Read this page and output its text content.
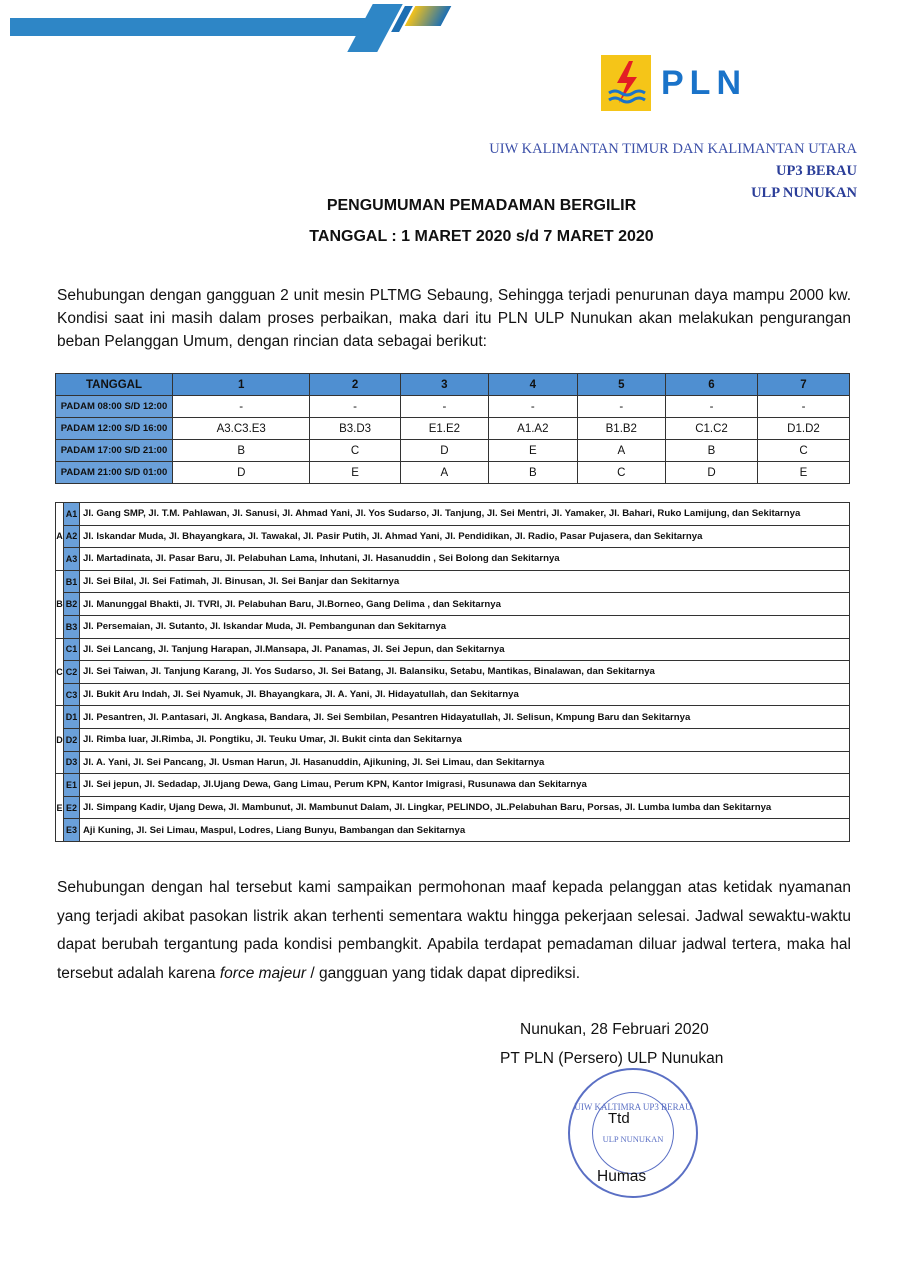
PLN
UIW KALIMANTAN TIMUR DAN KALIMANTAN UTARA
UP3 BERAU
ULP NUNUKAN
PENGUMUMAN PEMADAMAN BERGILIR
TANGGAL : 1 MARET 2020 s/d 7 MARET 2020
Sehubungan dengan gangguan 2 unit mesin PLTMG Sebaung, Sehingga terjadi penurunan daya mampu 2000 kw. Kondisi saat ini masih dalam proses perbaikan, maka dari itu PLN ULP Nunukan akan melakukan pengurangan beban Pelanggan Umum, dengan rincian data sebagai berikut:
TANGGAL	1	2	3	4	5	6	7
PADAM 08:00 S/D 12:00	-	-	-	-	-	-	-
PADAM 12:00 S/D 16:00	A3.C3.E3	B3.D3	E1.E2	A1.A2	B1.B2	C1.C2	D1.D2
PADAM 17:00 S/D 21:00	B	C	D	E	A	B	C
PADAM 21:00 S/D 01:00	D	E	A	B	C	D	E
A	A1	Jl. Gang SMP, Jl. T.M. Pahlawan, Jl. Sanusi, Jl. Ahmad Yani, Jl. Yos Sudarso, Jl. Tanjung, Jl. Sei Mentri, Jl. Yamaker, Jl. Bahari, Ruko Lamijung, dan Sekitarnya
	A2	Jl. Iskandar Muda, Jl. Bhayangkara, Jl. Tawakal, Jl. Pasir Putih, Jl. Ahmad Yani, Jl. Pendidikan, Jl. Radio, Pasar Pujasera, dan Sekitarnya
	A3	Jl. Martadinata, Jl. Pasar Baru, Jl. Pelabuhan Lama, Inhutani, Jl. Hasanuddin , Sei Bolong dan Sekitarnya
B	B1	Jl. Sei Bilal, Jl. Sei Fatimah, Jl. Binusan, Jl. Sei Banjar dan Sekitarnya
	B2	Jl. Manunggal Bhakti, Jl. TVRI, Jl. Pelabuhan Baru, Jl.Borneo, Gang Delima , dan Sekitarnya
	B3	Jl. Persemaian, Jl. Sutanto, Jl. Iskandar Muda, Jl. Pembangunan dan Sekitarnya
C	C1	Jl. Sei Lancang, Jl. Tanjung Harapan, Jl.Mansapa, Jl. Panamas, Jl. Sei Jepun, dan Sekitarnya
	C2	Jl. Sei Taiwan, Jl. Tanjung Karang, Jl. Yos Sudarso, Jl. Sei Batang, Jl. Balansiku, Setabu, Mantikas, Binalawan, dan Sekitarnya
	C3	Jl. Bukit Aru Indah, Jl. Sei Nyamuk, Jl. Bhayangkara, Jl. A. Yani, Jl. Hidayatullah, dan Sekitarnya
D	D1	Jl. Pesantren, Jl. P.antasari, Jl. Angkasa, Bandara, Jl. Sei Sembilan, Pesantren Hidayatullah, Jl. Selisun, Kmpung Baru dan Sekitarnya
	D2	Jl. Rimba luar, Jl.Rimba, Jl. Pongtiku, Jl. Teuku Umar, Jl. Bukit cinta dan Sekitarnya
	D3	Jl. A. Yani, Jl. Sei Pancang, Jl. Usman Harun, Jl. Hasanuddin, Ajikuning, Jl. Sei Limau, dan Sekitarnya
E	E1	Jl. Sei jepun, Jl. Sedadap, Jl.Ujang Dewa, Gang Limau, Perum KPN, Kantor Imigrasi, Rusunawa dan Sekitarnya
	E2	Jl. Simpang Kadir, Ujang Dewa, Jl. Mambunut, Jl. Mambunut Dalam, Jl. Lingkar, PELINDO, JL.Pelabuhan Baru, Porsas, Jl. Lumba lumba dan Sekitarnya
	E3	Aji Kuning, Jl. Sei Limau, Maspul, Lodres, Liang Bunyu, Bambangan dan Sekitarnya
Sehubungan dengan hal tersebut kami sampaikan permohonan maaf kepada pelanggan atas ketidak nyamanan yang terjadi akibat pasokan listrik akan terhenti sementara waktu hingga pekerjaan selesai. Jadwal sewaktu-waktu dapat berubah tergantung pada kondisi pembangkit. Apabila terdapat pemadaman diluar jadwal tertera, maka hal tersebut adalah karena force majeur / gangguan yang tidak dapat diprediksi.
Nunukan, 28 Februari 2020
PT PLN (Persero) ULP Nunukan
UIW KALTIMRA UP3 BERAU
ULP NUNUKAN
Ttd
Humas
